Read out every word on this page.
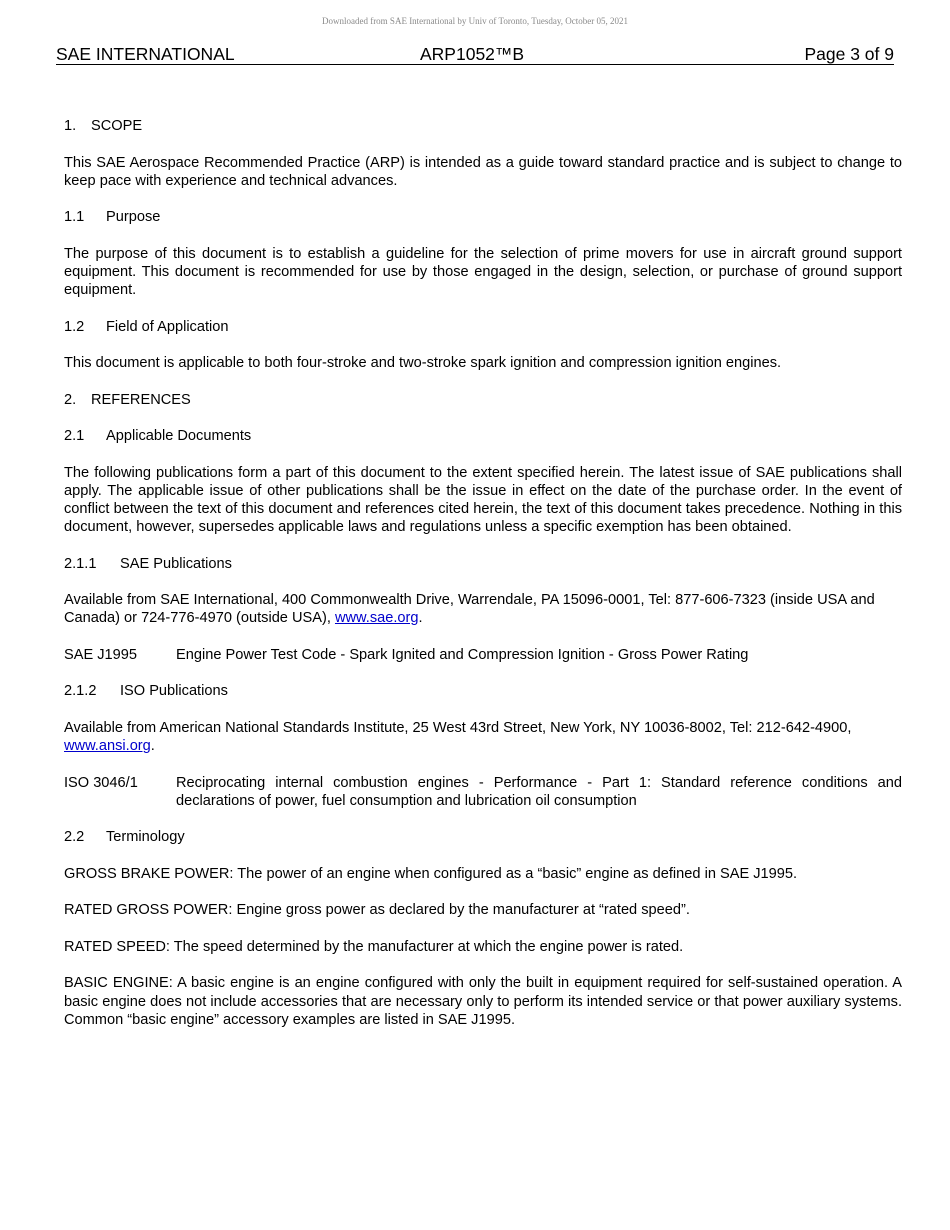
Downloaded from SAE International by Univ of Toronto, Tuesday, October 05, 2021
SAE INTERNATIONAL	ARP1052™B	Page 3 of 9

1. SCOPE

This SAE Aerospace Recommended Practice (ARP) is intended as a guide toward standard practice and is subject to change to keep pace with experience and technical advances.

1.1 Purpose

The purpose of this document is to establish a guideline for the selection of prime movers for use in aircraft ground support equipment. This document is recommended for use by those engaged in the design, selection, or purchase of ground support equipment.

1.2 Field of Application

This document is applicable to both four-stroke and two-stroke spark ignition and compression ignition engines.

2. REFERENCES

2.1 Applicable Documents

The following publications form a part of this document to the extent specified herein. The latest issue of SAE publications shall apply. The applicable issue of other publications shall be the issue in effect on the date of the purchase order. In the event of conflict between the text of this document and references cited herein, the text of this document takes precedence. Nothing in this document, however, supersedes applicable laws and regulations unless a specific exemption has been obtained.

2.1.1 SAE Publications

Available from SAE International, 400 Commonwealth Drive, Warrendale, PA 15096-0001, Tel: 877-606-7323 (inside USA and Canada) or 724-776-4970 (outside USA), www.sae.org.

SAE J1995	Engine Power Test Code - Spark Ignited and Compression Ignition - Gross Power Rating

2.1.2 ISO Publications

Available from American National Standards Institute, 25 West 43rd Street, New York, NY 10036-8002, Tel: 212-642-4900, www.ansi.org.

ISO 3046/1	Reciprocating internal combustion engines - Performance - Part 1: Standard reference conditions and declarations of power, fuel consumption and lubrication oil consumption

2.2 Terminology

GROSS BRAKE POWER: The power of an engine when configured as a “basic” engine as defined in SAE J1995.

RATED GROSS POWER: Engine gross power as declared by the manufacturer at “rated speed”.

RATED SPEED: The speed determined by the manufacturer at which the engine power is rated.

BASIC ENGINE: A basic engine is an engine configured with only the built in equipment required for self-sustained operation. A basic engine does not include accessories that are necessary only to perform its intended service or that power auxiliary systems. Common “basic engine” accessory examples are listed in SAE J1995.
